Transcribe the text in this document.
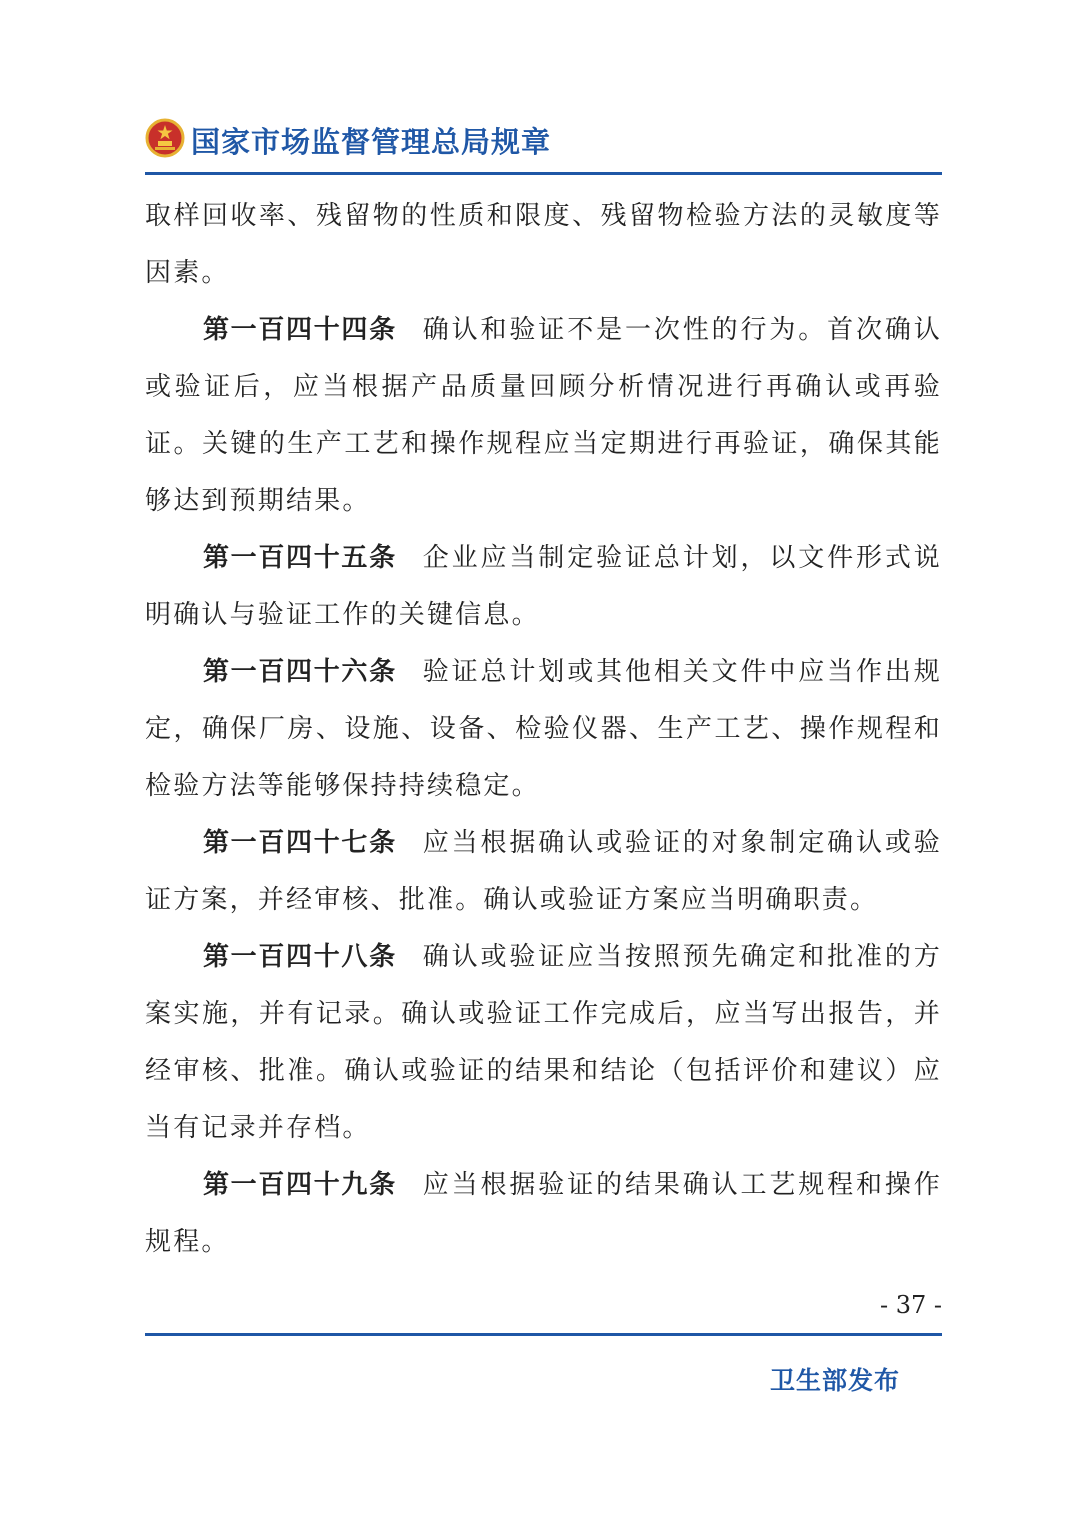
国家市场监督管理总局规章

取样回收率、残留物的性质和限度、残留物检验方法的灵敏度等因素。

第一百四十四条 确认和验证不是一次性的行为。首次确认或验证后，应当根据产品质量回顾分析情况进行再确认或再验证。关键的生产工艺和操作规程应当定期进行再验证，确保其能够达到预期结果。

第一百四十五条 企业应当制定验证总计划，以文件形式说明确认与验证工作的关键信息。

第一百四十六条 验证总计划或其他相关文件中应当作出规定，确保厂房、设施、设备、检验仪器、生产工艺、操作规程和检验方法等能够保持持续稳定。

第一百四十七条 应当根据确认或验证的对象制定确认或验证方案，并经审核、批准。确认或验证方案应当明确职责。

第一百四十八条 确认或验证应当按照预先确定和批准的方案实施，并有记录。确认或验证工作完成后，应当写出报告，并经审核、批准。确认或验证的结果和结论（包括评价和建议）应当有记录并存档。

第一百四十九条 应当根据验证的结果确认工艺规程和操作规程。

- 37 -
卫生部发布
